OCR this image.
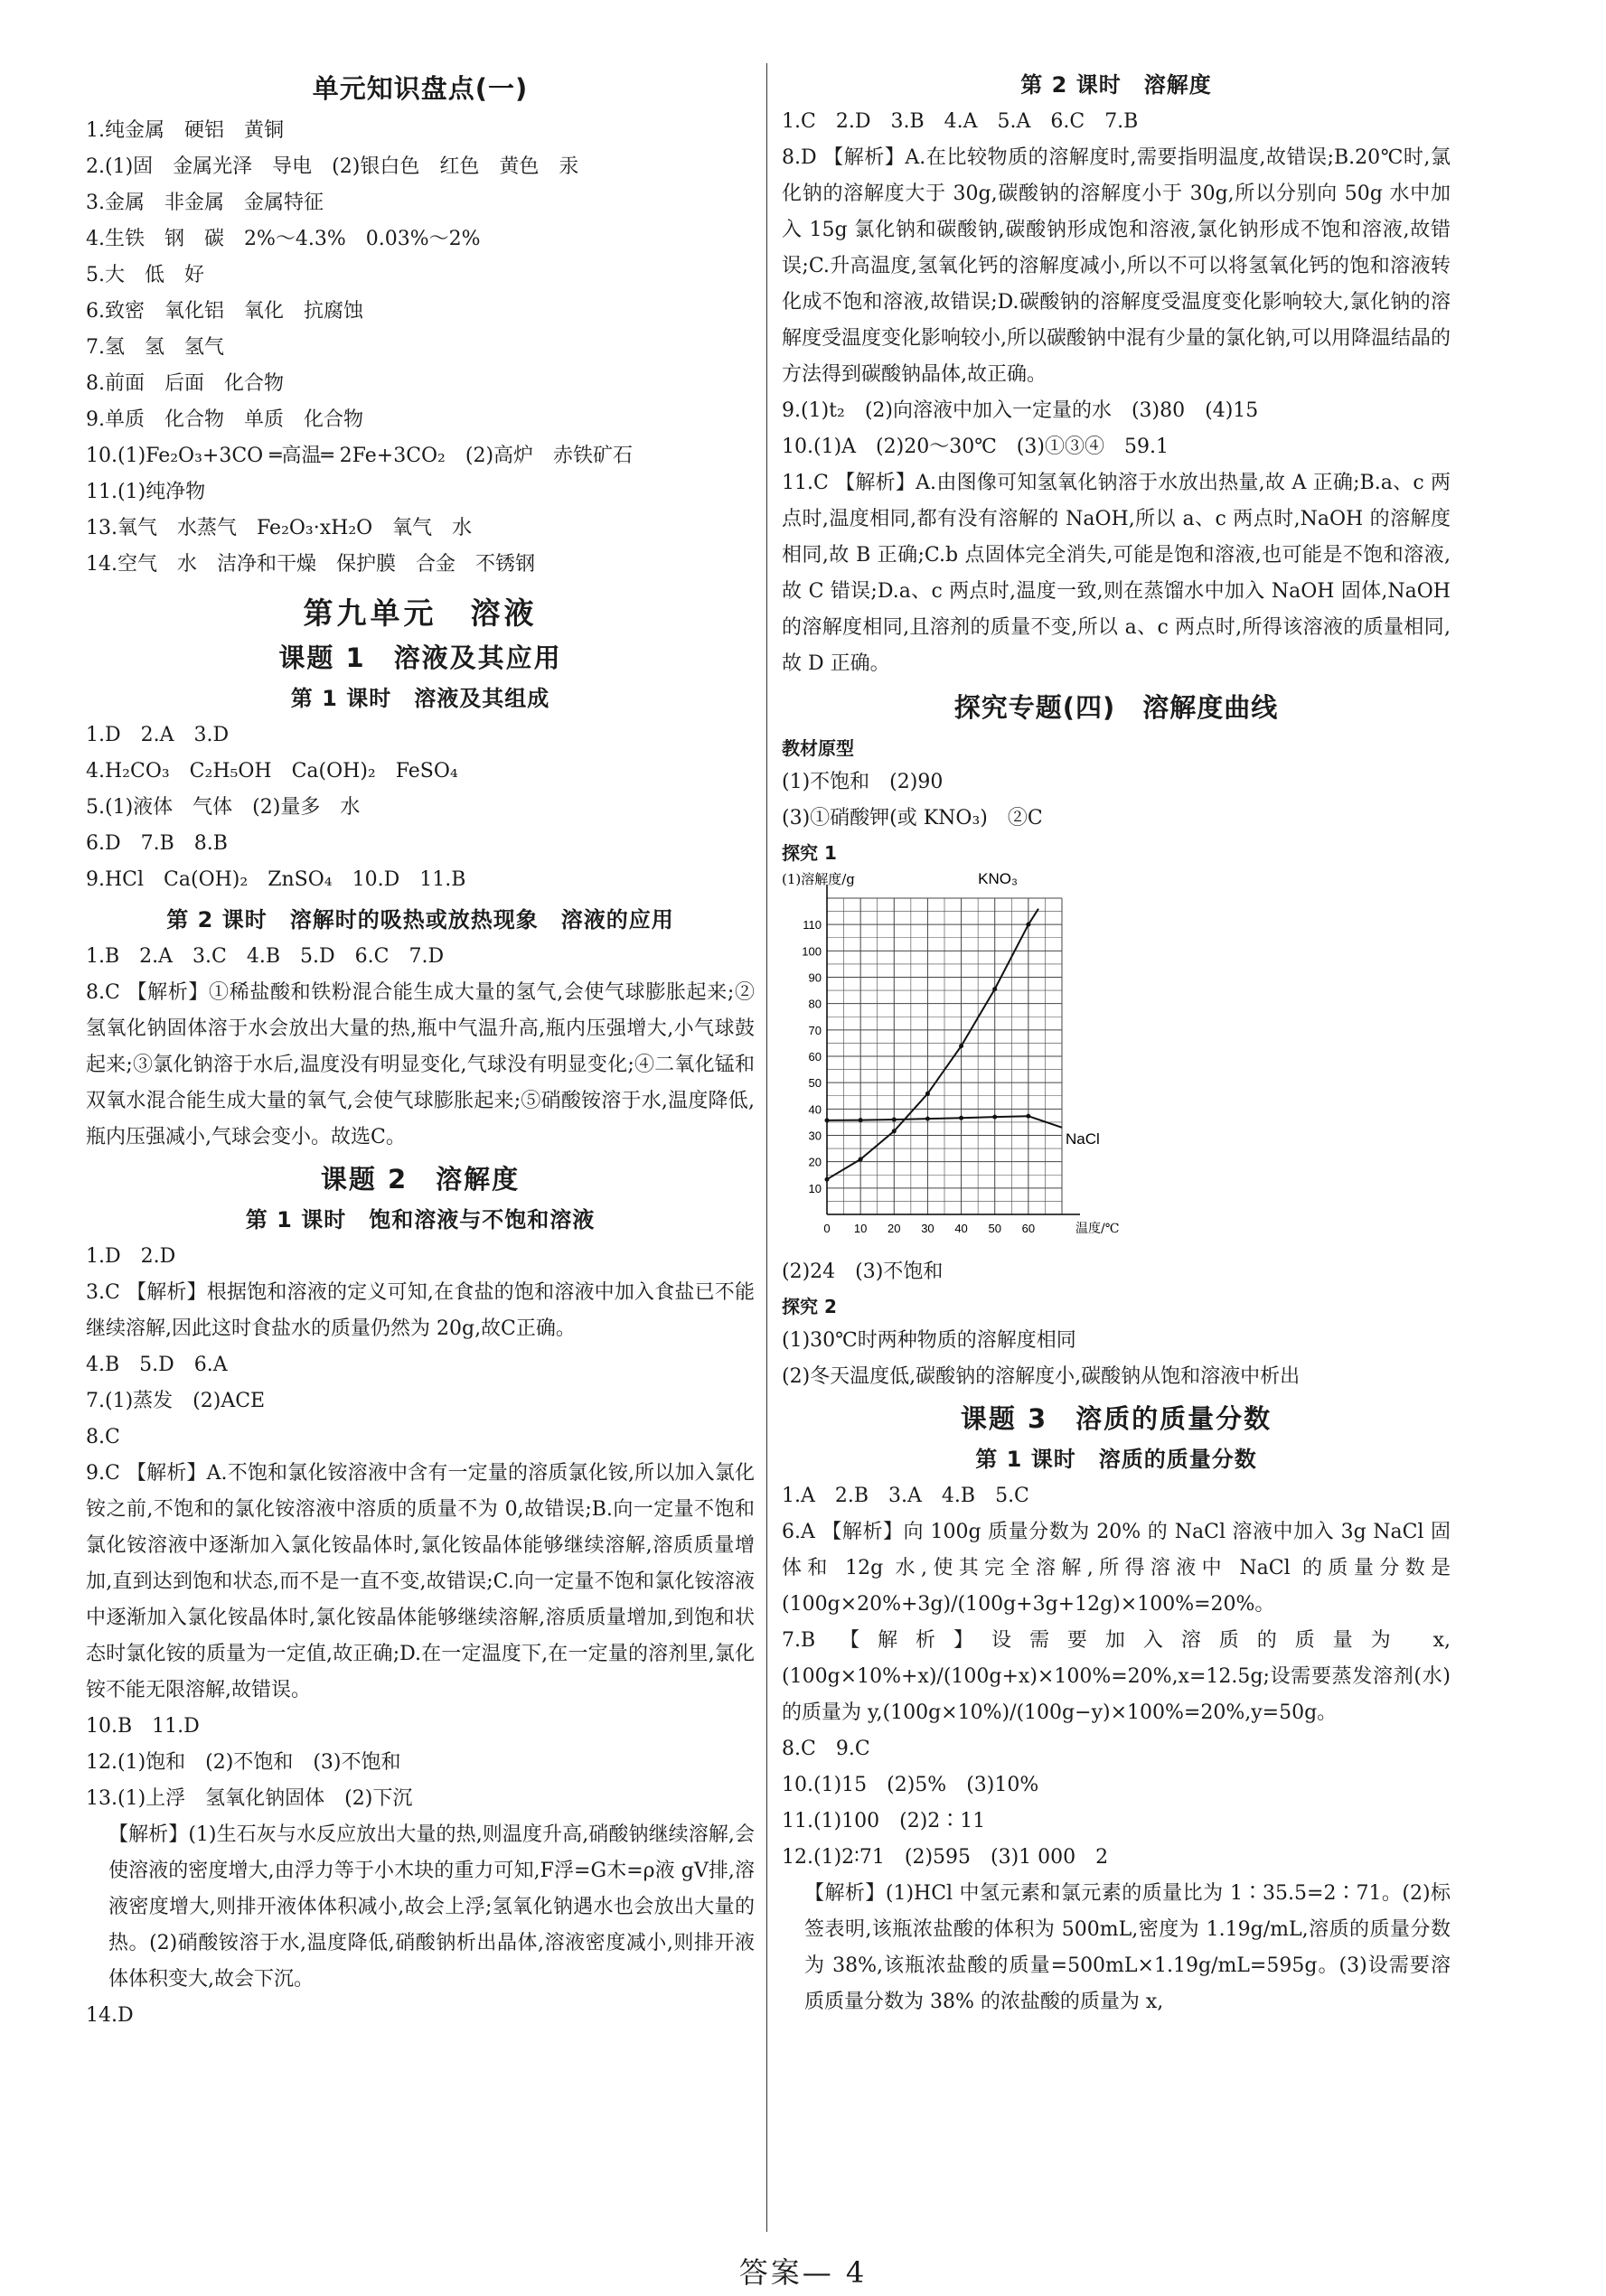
单元知识盘点(一)
1.纯金属　硬铝　黄铜
2.(1)固　金属光泽　导电　(2)银白色　红色　黄色　汞
3.金属　非金属　金属特征
4.生铁　钢　碳　2%～4.3%　0.03%～2%
5.大　低　好
6.致密　氧化铝　氧化　抗腐蚀
7.氢　氢　氢气
8.前面　后面　化合物
9.单质　化合物　单质　化合物
10.(1)Fe₂O₃+3CO ═高温═ 2Fe+3CO₂　(2)高炉　赤铁矿石
11.(1)纯净物
13.氧气　水蒸气　Fe₂O₃·xH₂O　氧气　水
14.空气　水　洁净和干燥　保护膜　合金　不锈钢
第九单元　溶液
课题 1　溶液及其应用
第 1 课时　溶液及其组成
1.D　2.A　3.D
4.H₂CO₃　C₂H₅OH　Ca(OH)₂　FeSO₄
5.(1)液体　气体　(2)量多　水
6.D　7.B　8.B
9.HCl　Ca(OH)₂　ZnSO₄　10.D　11.B
第 2 课时　溶解时的吸热或放热现象　溶液的应用
1.B　2.A　3.C　4.B　5.D　6.C　7.D
8.C 【解析】①稀盐酸和铁粉混合能生成大量的氢气,会使气球膨胀起来;②氢氧化钠固体溶于水会放出大量的热,瓶中气温升高,瓶内压强增大,小气球鼓起来;③氯化钠溶于水后,温度没有明显变化,气球没有明显变化;④二氧化锰和双氧水混合能生成大量的氧气,会使气球膨胀起来;⑤硝酸铵溶于水,温度降低,瓶内压强减小,气球会变小。故选C。
课题 2　溶解度
第 1 课时　饱和溶液与不饱和溶液
1.D　2.D
3.C 【解析】根据饱和溶液的定义可知,在食盐的饱和溶液中加入食盐已不能继续溶解,因此这时食盐水的质量仍然为 20g,故C正确。
4.B　5.D　6.A
7.(1)蒸发　(2)ACE
8.C
9.C 【解析】A.不饱和氯化铵溶液中含有一定量的溶质氯化铵,所以加入氯化铵之前,不饱和的氯化铵溶液中溶质的质量不为 0,故错误;B.向一定量不饱和氯化铵溶液中逐渐加入氯化铵晶体时,氯化铵晶体能够继续溶解,溶质质量增加,直到达到饱和状态,而不是一直不变,故错误;C.向一定量不饱和氯化铵溶液中逐渐加入氯化铵晶体时,氯化铵晶体能够继续溶解,溶质质量增加,到饱和状态时氯化铵的质量为一定值,故正确;D.在一定温度下,在一定量的溶剂里,氯化铵不能无限溶解,故错误。
10.B　11.D
12.(1)饱和　(2)不饱和　(3)不饱和
13.(1)上浮　氢氧化钠固体　(2)下沉
【解析】(1)生石灰与水反应放出大量的热,则温度升高,硝酸钠继续溶解,会使溶液的密度增大,由浮力等于小木块的重力可知,F浮=G木=ρ液 gV排,溶液密度增大,则排开液体体积减小,故会上浮;氢氧化钠遇水也会放出大量的热。(2)硝酸铵溶于水,温度降低,硝酸钠析出晶体,溶液密度减小,则排开液体体积变大,故会下沉。
14.D
第 2 课时　溶解度
1.C　2.D　3.B　4.A　5.A　6.C　7.B
8.D 【解析】A.在比较物质的溶解度时,需要指明温度,故错误;B.20℃时,氯化钠的溶解度大于 30g,碳酸钠的溶解度小于 30g,所以分别向 50g 水中加入 15g 氯化钠和碳酸钠,碳酸钠形成饱和溶液,氯化钠形成不饱和溶液,故错误;C.升高温度,氢氧化钙的溶解度减小,所以不可以将氢氧化钙的饱和溶液转化成不饱和溶液,故错误;D.碳酸钠的溶解度受温度变化影响较大,氯化钠的溶解度受温度变化影响较小,所以碳酸钠中混有少量的氯化钠,可以用降温结晶的方法得到碳酸钠晶体,故正确。
9.(1)t₂　(2)向溶液中加入一定量的水　(3)80　(4)15
10.(1)A　(2)20～30℃　(3)①③④　59.1
11.C 【解析】A.由图像可知氢氧化钠溶于水放出热量,故 A 正确;B.a、c 两点时,温度相同,都有没有溶解的 NaOH,所以 a、c 两点时,NaOH 的溶解度相同,故 B 正确;C.b 点固体完全消失,可能是饱和溶液,也可能是不饱和溶液,故 C 错误;D.a、c 两点时,温度一致,则在蒸馏水中加入 NaOH 固体,NaOH 的溶解度相同,且溶剂的质量不变,所以 a、c 两点时,所得该溶液的质量相同,故 D 正确。
探究专题(四)　溶解度曲线
教材原型
(1)不饱和　(2)90
(3)①硝酸钾(或 KNO₃)　②C
探究 1
0 10 20 30 40 50 60
10
20
30
40
50
60
70
80
90
100
110
(1)溶解度/g
温度/℃
KNO₃
NaCl
(2)24　(3)不饱和
探究 2
(1)30℃时两种物质的溶解度相同
(2)冬天温度低,碳酸钠的溶解度小,碳酸钠从饱和溶液中析出
课题 3　溶质的质量分数
第 1 课时　溶质的质量分数
1.A　2.B　3.A　4.B　5.C
6.A 【解析】向 100g 质量分数为 20% 的 NaCl 溶液中加入 3g NaCl 固体和 12g 水,使其完全溶解,所得溶液中 NaCl 的质量分数是 (100g×20%+3g)/(100g+3g+12g)×100%=20%。
7.B 【解析】设需要加入溶质的质量为 x,(100g×10%+x)/(100g+x)×100%=20%,x=12.5g;设需要蒸发溶剂(水)的质量为 y,(100g×10%)/(100g−y)×100%=20%,y=50g。
8.C　9.C
10.(1)15　(2)5%　(3)10%
11.(1)100　(2)2∶11
12.(1)2∶71　(2)595　(3)1 000　2
【解析】(1)HCl 中氢元素和氯元素的质量比为 1∶35.5=2∶71。(2)标签表明,该瓶浓盐酸的体积为 500mL,密度为 1.19g/mL,溶质的质量分数为 38%,该瓶浓盐酸的质量=500mL×1.19g/mL=595g。(3)设需要溶质质量分数为 38% 的浓盐酸的质量为 x,
答案— 4
